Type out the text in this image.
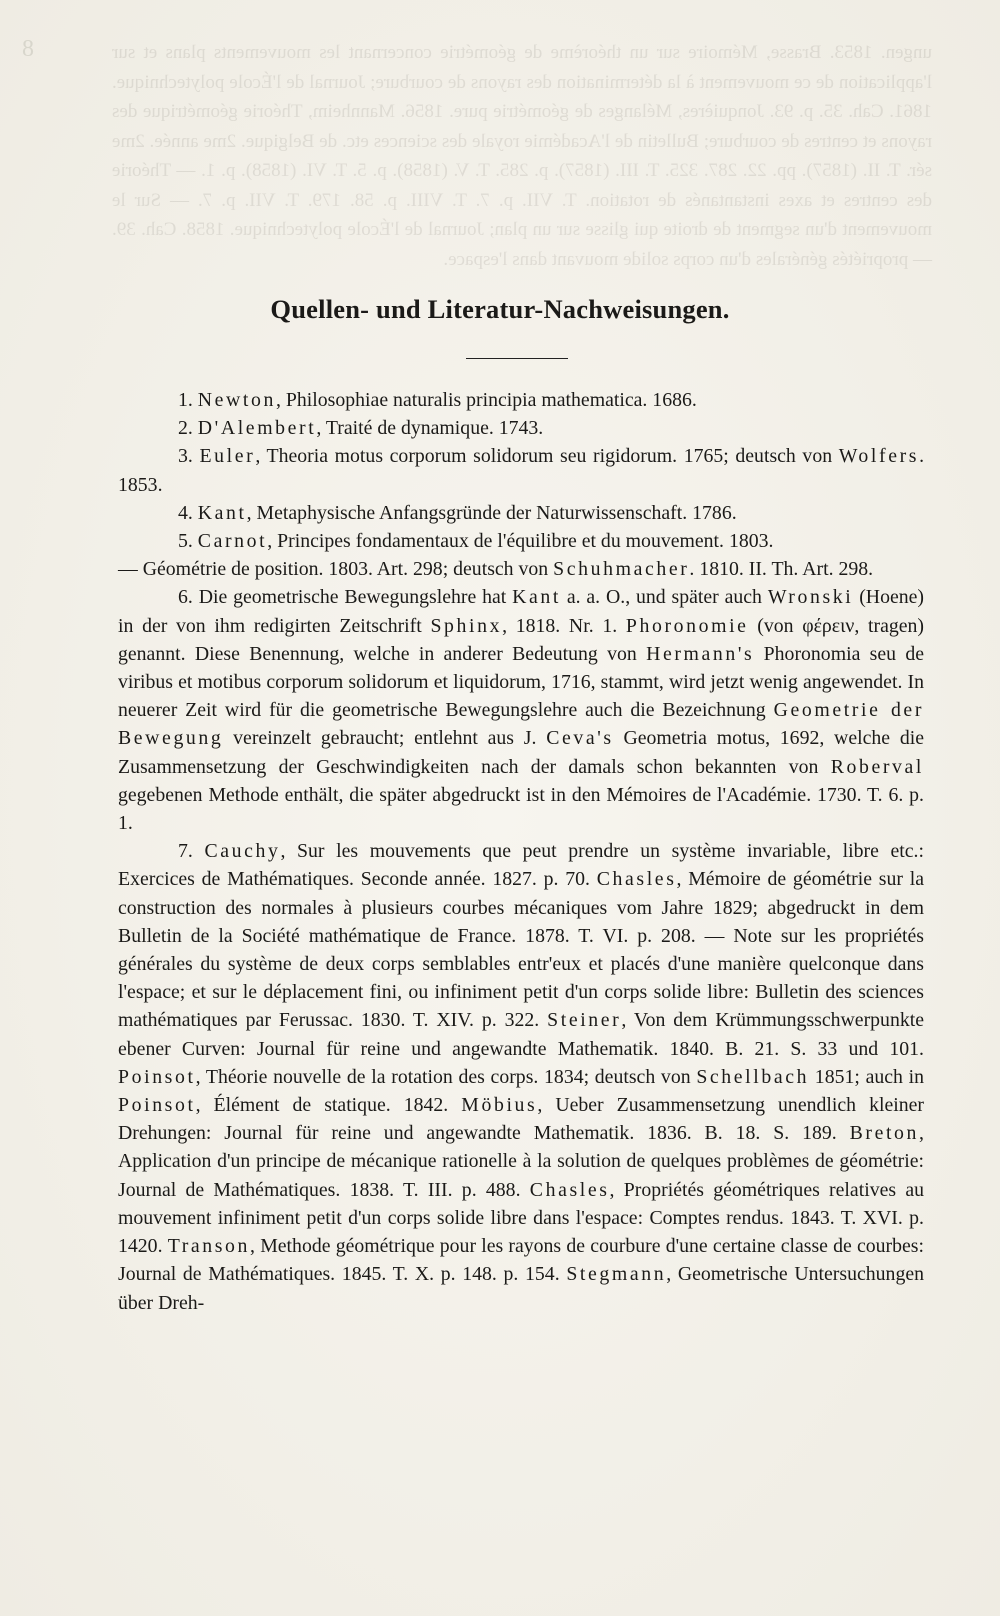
8	ungen. 1853. Brasse, Mémoire sur un théorème de géométrie concernant les mouvements plans et sur l'application de ce mouvement à la détermination des rayons de courbure; Journal de l'École polytechnique. 1861. Cah. 35. p. 93. Jonquières, Mélanges de géométrie pure. 1856. Mannheim, Théorie géométrique des rayons et centres de courbure; Bulletin de l'Académie royale des sciences etc. de Belgique. 2me année. 2me sér. T. II. (1857). pp. 22. 287. 325. T. III. (1857). p. 285. T. V. (1858). p. 5. T. VI. (1858). p. 1. — Théorie des centres et axes instantanés de rotation. T. VII. p. 7. T. VIII. p. 58. 179. T. VII. p. 7. — Sur le mouvement d'un segment de droite qui glisse sur un plan; Journal de l'École polytechnique. 1858. Cah. 39. — propriétés générales d'un corps solide mouvant dans l'espace.
Quellen- und Literatur-Nachweisungen.

1. Newton, Philosophiae naturalis principia mathematica. 1686.

2. D'Alembert, Traité de dynamique. 1743.

3. Euler, Theoria motus corporum solidorum seu rigidorum. 1765; deutsch von Wolfers. 1853.

4. Kant, Metaphysische Anfangsgründe der Naturwissenschaft. 1786.

5. Carnot, Principes fondamentaux de l'équilibre et du mouvement. 1803.

— Géométrie de position. 1803. Art. 298; deutsch von Schuhmacher. 1810. II. Th. Art. 298.

6. Die geometrische Bewegungslehre hat Kant a. a. O., und später auch Wronski (Hoene) in der von ihm redigirten Zeitschrift Sphinx, 1818. Nr. 1. Phoronomie (von φέρειν, tragen) genannt. Diese Benennung, welche in anderer Bedeutung von Hermann's Phoronomia seu de viribus et motibus corporum solidorum et liquidorum, 1716, stammt, wird jetzt wenig angewendet. In neuerer Zeit wird für die geometrische Bewegungslehre auch die Bezeichnung Geometrie der Bewegung vereinzelt gebraucht; entlehnt aus J. Ceva's Geometria motus, 1692, welche die Zusammensetzung der Geschwindigkeiten nach der damals schon bekannten von Roberval gegebenen Methode enthält, die später abgedruckt ist in den Mémoires de l'Académie. 1730. T. 6. p. 1.

7. Cauchy, Sur les mouvements que peut prendre un système invariable, libre etc.: Exercices de Mathématiques. Seconde année. 1827. p. 70. Chasles, Mémoire de géométrie sur la construction des normales à plusieurs courbes mécaniques vom Jahre 1829; abgedruckt in dem Bulletin de la Société mathématique de France. 1878. T. VI. p. 208. — Note sur les propriétés générales du système de deux corps semblables entr'eux et placés d'une manière quelconque dans l'espace; et sur le déplacement fini, ou infiniment petit d'un corps solide libre: Bulletin des sciences mathématiques par Ferussac. 1830. T. XIV. p. 322. Steiner, Von dem Krümmungsschwerpunkte ebener Curven: Journal für reine und angewandte Mathematik. 1840. B. 21. S. 33 und 101. Poinsot, Théorie nouvelle de la rotation des corps. 1834; deutsch von Schellbach 1851; auch in Poinsot, Élément de statique. 1842. Möbius, Ueber Zusammensetzung unendlich kleiner Drehungen: Journal für reine und angewandte Mathematik. 1836. B. 18. S. 189. Breton, Application d'un principe de mécanique rationelle à la solution de quelques problèmes de géométrie: Journal de Mathématiques. 1838. T. III. p. 488. Chasles, Propriétés géométriques relatives au mouvement infiniment petit d'un corps solide libre dans l'espace: Comptes rendus. 1843. T. XVI. p. 1420. Transon, Methode géométrique pour les rayons de courbure d'une certaine classe de courbes: Journal de Mathématiques. 1845. T. X. p. 148. p. 154. Stegmann, Geometrische Untersuchungen über Dreh-
